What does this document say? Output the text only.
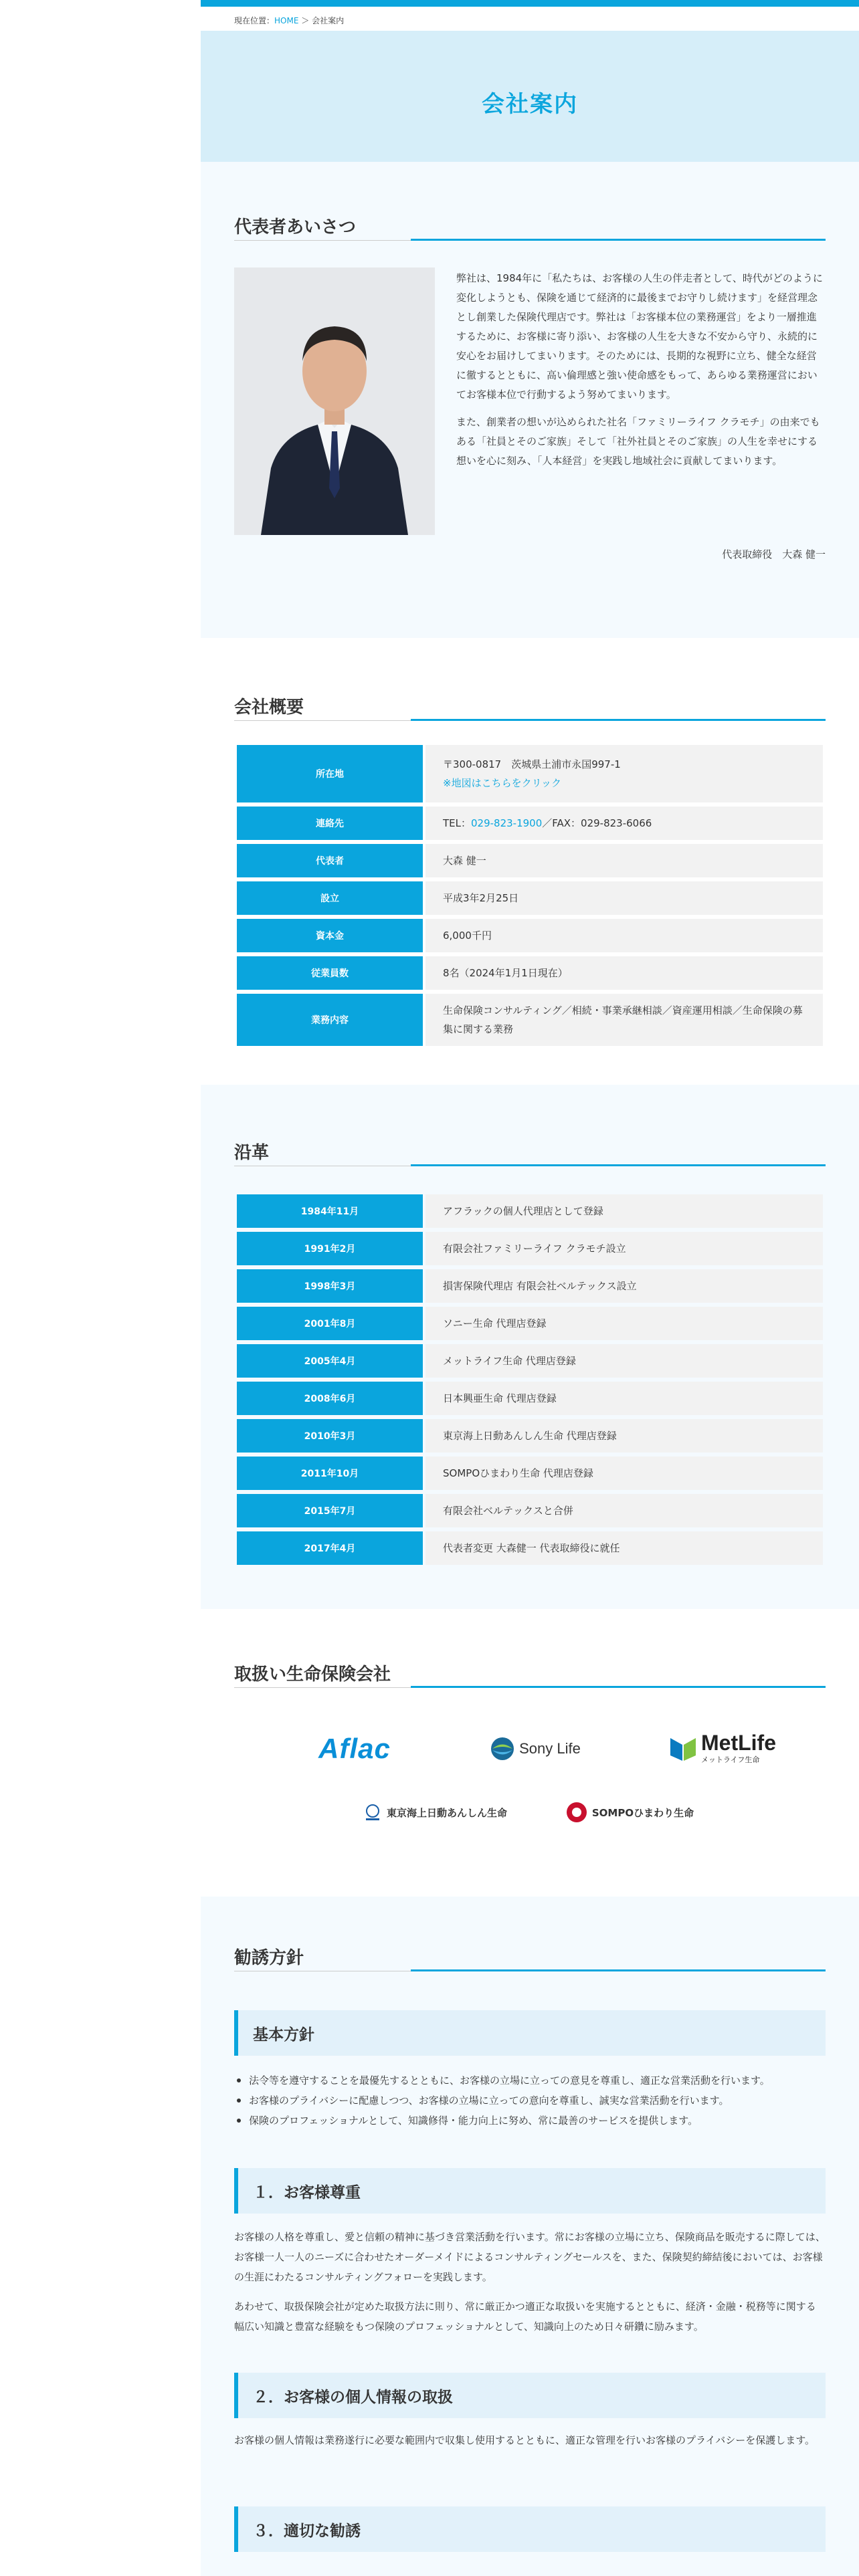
現在位置：HOME ＞ 会社案内
会社案内
代表者あいさつ

弊社は、1984年に「私たちは、お客様の人生の伴走者として、時代がどのように変化しようとも、保険を通じて経済的に最後までお守りし続けます」を経営理念とし創業した保険代理店です。弊社は「お客様本位の業務運営」をより一層推進するために、お客様に寄り添い、お客様の人生を大きな不安から守り、永続的に安心をお届けしてまいります。そのためには、長期的な視野に立ち、健全な経営に徹するとともに、高い倫理感と強い使命感をもって、あらゆる業務運営においてお客様本位で行動するよう努めてまいります。

また、創業者の想いが込められた社名「ファミリーライフ クラモチ」の由来でもある「社員とそのご家族」そして「社外社員とそのご家族」の人生を幸せにする想いを心に刻み、「人本経営」を実践し地域社会に貢献してまいります。

代表取締役　大森 健一
会社概要
所在地	〒300-0817　茨城県土浦市永国997-1
※地図はこちらをクリック
連絡先	TEL：029-823-1900／FAX：029-823-6066
代表者	大森 健一
設立	平成3年2月25日
資本金	6,000千円
従業員数	8名（2024年1月1日現在）
業務内容	生命保険コンサルティング／相続・事業承継相談／資産運用相談／生命保険の募集に関する業務
沿革
1984年11月	アフラックの個人代理店として登録
1991年2月	有限会社ファミリーライフ クラモチ設立
1998年3月	損害保険代理店 有限会社ベルテックス設立
2001年8月	ソニー生命 代理店登録
2005年4月	メットライフ生命 代理店登録
2008年6月	日本興亜生命 代理店登録
2010年3月	東京海上日動あんしん生命 代理店登録
2011年10月	SOMPOひまわり生命 代理店登録
2015年7月	有限会社ベルテックスと合併
2017年4月	代表者変更 大森健一 代表取締役に就任
取扱い生命保険会社
Aflac	Sony Life	MetLife
メットライフ生命
東京海上日動あんしん生命	SOMPOひまわり生命
勧誘方針
基本方針
法令等を遵守することを最優先するとともに、お客様の立場に立っての意見を尊重し、適正な営業活動を行います。
お客様のプライバシーに配慮しつつ、お客様の立場に立っての意向を尊重し、誠実な営業活動を行います。
保険のプロフェッショナルとして、知識修得・能力向上に努め、常に最善のサービスを提供します。
１．お客様尊重

お客様の人格を尊重し、愛と信頼の精神に基づき営業活動を行います。常にお客様の立場に立ち、保険商品を販売するに際しては、お客様一人一人のニーズに合わせたオーダーメイドによるコンサルティングセールスを、また、保険契約締結後においては、お客様の生涯にわたるコンサルティングフォローを実践します。

あわせて、取扱保険会社が定めた取扱方法に則り、常に厳正かつ適正な取扱いを実施するとともに、経済・金融・税務等に関する幅広い知識と豊富な経験をもつ保険のプロフェッショナルとして、知識向上のため日々研鑽に励みます。

２．お客様の個人情報の取扱

お客様の個人情報は業務遂行に必要な範囲内で収集し使用するとともに、適正な管理を行いお客様のプライバシーを保護します。

３．適切な勧誘
